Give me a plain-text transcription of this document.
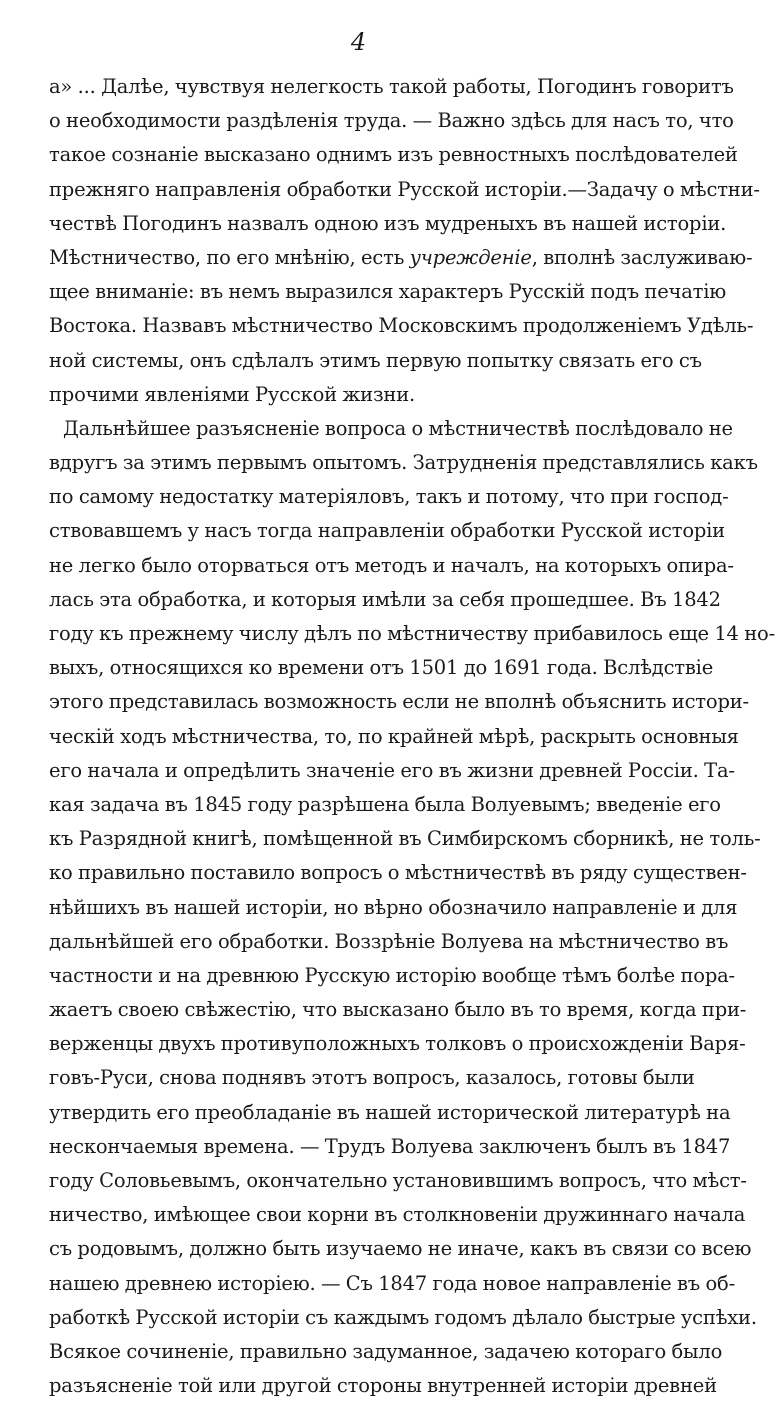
4
а» ... Далѣе, чувствуя нелегкость такой работы, Погодинъ говоритъ
о необходимости раздѣленія труда. — Важно здѣсь для насъ то, что
такое сознаніе высказано однимъ изъ ревностныхъ послѣдователей
прежняго направленія обработки Русской исторіи.—Задачу о мѣстни-
чествѣ Погодинъ назвалъ одною изъ мудреныхъ въ нашей исторіи.
Мѣстничество, по его мнѣнію, есть учрежденіе, вполнѣ заслуживаю-
щее вниманіе: въ немъ выразился характеръ Русскій подъ печатію
Востока. Назвавъ мѣстничество Московскимъ продолженіемъ Удѣль-
ной системы, онъ сдѣлалъ этимъ первую попытку связать его съ
прочими явленіями Русской жизни.
Дальнѣйшее разъясненіе вопроса о мѣстничествѣ послѣдовало не
вдругъ за этимъ первымъ опытомъ. Затрудненія представлялись какъ
по самому недостатку матеріяловъ, такъ и потому, что при господ-
ствовавшемъ у насъ тогда направленіи обработки Русской исторіи
не легко было оторваться отъ методъ и началъ, на которыхъ опира-
лась эта обработка, и которыя имѣли за себя прошедшее. Въ 1842
году къ прежнему числу дѣлъ по мѣстничеству прибавилось еще 14 но-
выхъ, относящихся ко времени отъ 1501 до 1691 года. Вслѣдствіе
этого представилась возможность если не вполнѣ объяснить истори-
ческій ходъ мѣстничества, то, по крайней мѣрѣ, раскрыть основныя
его начала и опредѣлить значеніе его въ жизни древней Россіи. Та-
кая задача въ 1845 году разрѣшена была Волуевымъ; введеніе его
къ Разрядной книгѣ, помѣщенной въ Симбирскомъ сборникѣ, не толь-
ко правильно поставило вопросъ о мѣстничествѣ въ ряду существен-
нѣйшихъ въ нашей исторіи, но вѣрно обозначило направленіе и для
дальнѣйшей его обработки. Воззрѣніе Волуева на мѣстничество въ
частности и на древнюю Русскую исторію вообще тѣмъ болѣе пора-
жаетъ своею свѣжестію, что высказано было въ то время, когда при-
верженцы двухъ противуположныхъ толковъ о происхожденіи Варя-
говъ-Руси, снова поднявъ этотъ вопросъ, казалось, готовы были
утвердить его преобладаніе въ нашей исторической литературѣ на
нескончаемыя времена. — Трудъ Волуева заключенъ былъ въ 1847
году Соловьевымъ, окончательно установившимъ вопросъ, что мѣст-
ничество, имѣющее свои корни въ столкновеніи дружиннаго начала
съ родовымъ, должно быть изучаемо не иначе, какъ въ связи со всею
нашею древнею исторіею. — Съ 1847 года новое направленіе въ об-
работкѣ Русской исторіи съ каждымъ годомъ дѣлало быстрые успѣхи.
Всякое сочиненіе, правильно задуманное, задачею котораго было
разъясненіе той или другой стороны внутренней исторіи древней
